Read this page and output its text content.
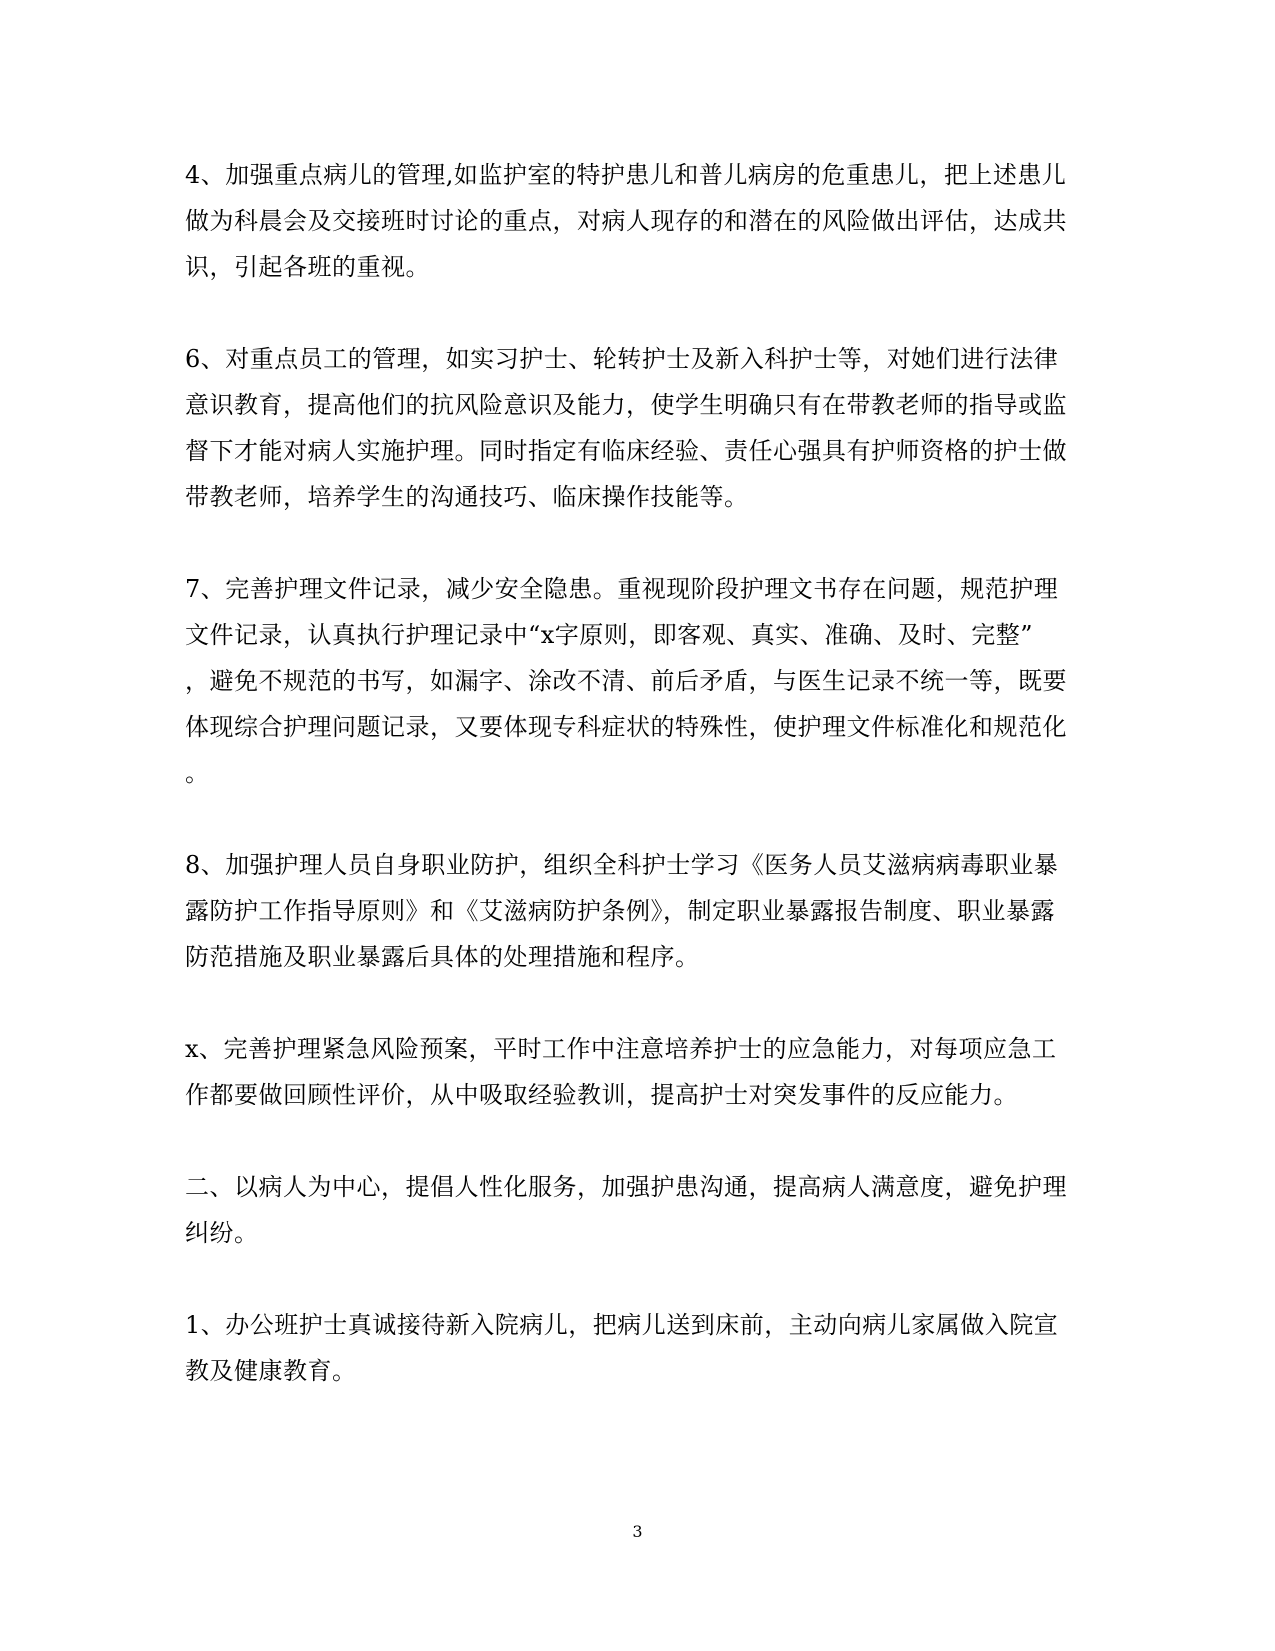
4、加强重点病儿的管理,如监护室的特护患儿和普儿病房的危重患儿，把上述患儿
做为科晨会及交接班时讨论的重点，对病人现存的和潜在的风险做出评估，达成共
识，引起各班的重视。
6、对重点员工的管理，如实习护士、轮转护士及新入科护士等，对她们进行法律
意识教育，提高他们的抗风险意识及能力，使学生明确只有在带教老师的指导或监
督下才能对病人实施护理。同时指定有临床经验、责任心强具有护师资格的护士做
带教老师，培养学生的沟通技巧、临床操作技能等。
7、完善护理文件记录，减少安全隐患。重视现阶段护理文书存在问题，规范护理
文件记录，认真执行护理记录中“x字原则，即客观、真实、准确、及时、完整”
，避免不规范的书写，如漏字、涂改不清、前后矛盾，与医生记录不统一等，既要
体现综合护理问题记录，又要体现专科症状的特殊性，使护理文件标准化和规范化
。
8、加强护理人员自身职业防护，组织全科护士学习《医务人员艾滋病病毒职业暴
露防护工作指导原则》和《艾滋病防护条例》，制定职业暴露报告制度、职业暴露
防范措施及职业暴露后具体的处理措施和程序。
x、完善护理紧急风险预案，平时工作中注意培养护士的应急能力，对每项应急工
作都要做回顾性评价，从中吸取经验教训，提高护士对突发事件的反应能力。
二、以病人为中心，提倡人性化服务，加强护患沟通，提高病人满意度，避免护理
纠纷。
1、办公班护士真诚接待新入院病儿，把病儿送到床前，主动向病儿家属做入院宣
教及健康教育。
3
